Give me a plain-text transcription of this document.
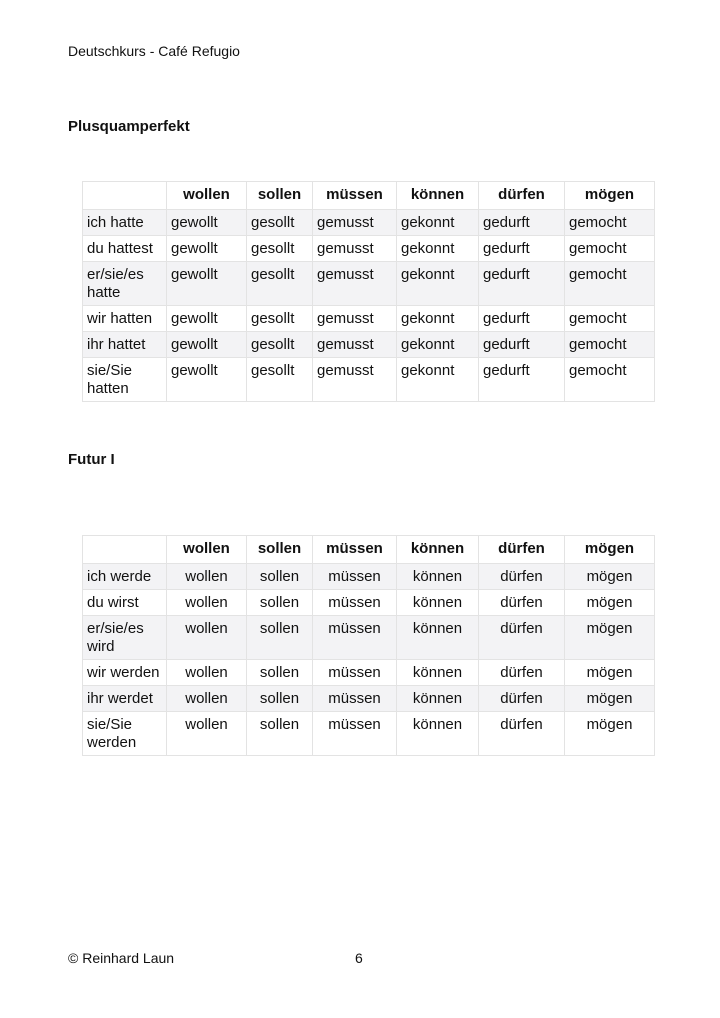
Deutschkurs - Café Refugio
Plusquamperfekt
	wollen	sollen	müssen	können	dürfen	mögen
ich hatte	gewollt	gesollt	gemusst	gekonnt	gedurft	gemocht
du hattest	gewollt	gesollt	gemusst	gekonnt	gedurft	gemocht
er/sie/es hatte	gewollt	gesollt	gemusst	gekonnt	gedurft	gemocht
wir hatten	gewollt	gesollt	gemusst	gekonnt	gedurft	gemocht
ihr hattet	gewollt	gesollt	gemusst	gekonnt	gedurft	gemocht
sie/Sie hatten	gewollt	gesollt	gemusst	gekonnt	gedurft	gemocht
Futur I
	wollen	sollen	müssen	können	dürfen	mögen
ich werde	wollen	sollen	müssen	können	dürfen	mögen
du wirst	wollen	sollen	müssen	können	dürfen	mögen
er/sie/es wird	wollen	sollen	müssen	können	dürfen	mögen
wir werden	wollen	sollen	müssen	können	dürfen	mögen
ihr werdet	wollen	sollen	müssen	können	dürfen	mögen
sie/Sie werden	wollen	sollen	müssen	können	dürfen	mögen
© Reinhard Laun	6
